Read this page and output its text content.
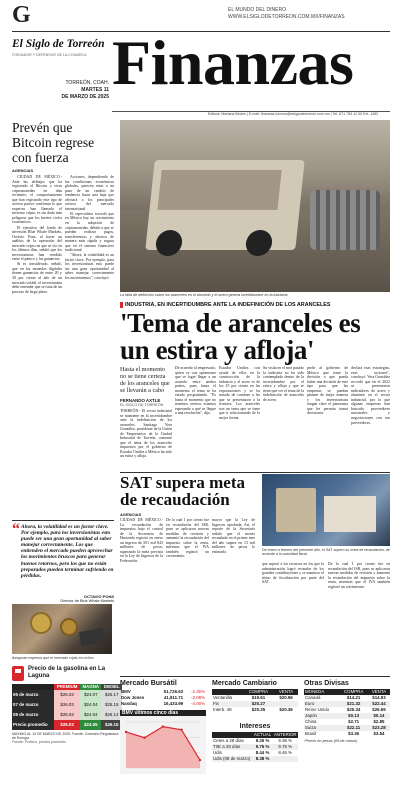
G	EL MUNDO DEL DINERO
WWW.ELSIGLODETORREON.COM.MX/FINANZAS
El Siglo de Torreón
FORJADOR Y DEFENSOR DE LA COMARCA
TORREÓN, COAH.
MARTES 11
DE MARZO DE 2025 Finanzas
Editora: Mariana Bedón | E-mail: finanzas-torreon@elsiglodetorreon.com.mx | Tel. 871 759 12 00 Ext. 1452
Prevén que Bitcoin regrese con fuerza
AGENCIAS

CIUDAD DE MÉXICO.- Ante las altibajos que ha registrado el Bitcoin y otras criptomonedas en días recientes, el comportamiento que han registrado este tipo de activos parece confirmar lo que expertos han llamado el invierno cripto, es sin duda más peligroso que los fuertes ciclos económicos.

El ejecutivo del fondo de inversión Blue Whale Markets, Octavio Pons, al hacer un análisis de la operación del mercado cripto en que se vio en los últimos días, señaló que los inversionistas han vendido entre el pánico y las ganancias.

Si es considerado, señaló, que en las monedas digitales tienen ganancias de entre 20 y 30 por ciento al año de un mercado volátil, el inversionista debe entender que se trata de un proceso de largo plazo.

Acciones, dependiendo de las condiciones económicas globales, parecen estar a un paso de un cambio de tendencia hacia una baja que afectará a los principales activos del mercado internacional.

El especialista recordó que en México hay un crecimiento en la adopción de criptomonedas, debido a que se pueden realizar pagos, transferencias y ahorros de manera más rápida y segura que en el sistema financiero tradicional.

"Ahora, la volatilidad es un factor clave. Por ejemplo, para los inversionistas esto puede ser una gran oportunidad al saber manejar correctamente los movimientos", concluyó.

“ Ahora, la volatilidad es un factor clave. Por ejemplo, para los inversionistas esto puede ser una gran oportunidad al saber manejar correctamente. Los que entienden el mercado pueden aprovechar los movimientos bruscos para generar buenos retornos, pero los que no están preparados pueden terminar sufriendo en pérdidas.
OCTAVIO PONS
Director de Blue Whale Markets
Aseguran expertos que el mercado cripto es cíclico.
Precio de la gasolina en La Laguna
	PREMIUM	MAGNA	DIESEL
06 de marzo	$26.03	$24.07	$26.17
07 de marzo	$26.03	$24.04	$26.15
08 de marzo	$26.03	$24.04	$26.14
Precio promedio	$26.03	$24.05	$26.15
MÁXIMO AL 10 DE MARZO DE 2025. Fuente: Comisión Reguladora de Energía
Fuente: Profeco, precios promedio
La falta de definición sobre los aranceles en el aluminio y el acero genera incertidumbre en la industria.
INDUSTRIA, EN INCERTIDUMBRE ANTE LA INDEFINICIÓN DE LOS ARANCELES
'Tema de aranceles es un estira y afloja'
Hasta el momento no se tiene certeza de los aranceles que se llevarán a cabo
FERNANDO AXTLE
EL SIGLO DE TORREÓN
TORREÓN.- El sector industrial se mantiene en la incertidumbre ante la indefinición de los aranceles. Santiago Vera González, presidente de la Unión de Empresarios de la Ciudad Industrial de Torreón, comentó que el tema de los aranceles impuestos por el gobierno de Estados Unidos a México ha sido un estira y afloja.
De acuerdo al empresario, quien ve con optimismo que se logre llegar a un acuerdo entre ambos países, pues hasta el momento el tema se ha estado posponiendo. "Es hasta el momento que no tenemos certeza, estamos esperando a qué se llegue a una resolución", dijo.
Estados Unidos con ayuda de ellos en la construcción de la industria y el acero es de los 25 por ciento en las exportaciones y se ha tratado de contener a las que se presentaron a la frontera. Los aranceles son un tema que se tiene que ir solucionando de la mejor forma.
Su visita en el mes pasado la industria no ha sido contemplada dentro de la incertidumbre por el estira y afloja y que se tiene que ver el tema de la indefinición de aranceles de acero.
pedir al gobierno de México que tome la decisión o que pueda haber una decisión de este tipo para que las empresas se puedan planear de mejor manera y los inversionistas tengan claro el panorama que les permita tomar decisiones.
declara esas estrategias, esas acciones", concluyó. Vera González recordó que en el 2022 se presentaron indicadores de acero y aluminio en el sector industrial, por lo que algunas empresas han buscado proveedores nacionales y negociaciones con sus proveedores.
SAT supera meta de recaudación
AGENCIAS
CIUDAD DE MÉXICO.- La recaudación de impuestos bajo el control de la Secretaría de Hacienda registró en enero un ingreso de 501 mil 843 millones de pesos, superando la meta prevista en la Ley de Ingresos de la Federación.
De la cual 1 por ciento fue en recaudación del ISR, pues se aplicaron nuevas medidas de revisión y aumentó la recaudación del impuesto sobre la renta, mientras que el IVA también registró un crecimiento.
mayor que la Ley de Ingresos aprobada. Así, el reporte de la Secretaría señala que el monto recaudado en el primer mes del año supera en 13 mil millones de pesos lo estimado.	De enero a febrero del presente año, el SAT superó su meta de recaudación, de acuerdo a la autoridad fiscal.
que superó a los recursos en los que la administración logró recaudar de los grandes contribuyentes y se mantuvo el ritmo de fiscalización por parte del SAT.
De la cual 1 por ciento fue en recaudación del ISR, pues se aplicaron nuevas medidas de revisión y aumentó la recaudación del impuesto sobre la renta, mientras que el IVA también registró un crecimiento.
Mercado Bursátil
BMV	51,726.63	-2.36%
Dow Jones	41,911.71	-2.08%
Nasdaq	16,433.99	-4.00%
BMV últimos cinco días
Mercado Cambiario
	COMPRA	VENTA
Ventanilla	$19.61	$20.56
Fix	$20.27	
Interb. 48	$20.35	$20.36
Intereses
	ACTUAL	ANTERIOR
Cetes a 28 días	9.25 %	9.36 %
TIIE a 28 días	9.75 %	9.75 %
Udis	8.44 %	8.46 %
Udis (08 de marzo)	8.38 %	
Otras Divisas
MONEDA	COMPRA	VENTA
Canadá	$14.21	$14.93
Euro	$21.32	$22.44
Reino Unido	$25.34	$26.69
Japón	$0.13	$0.14
China	$2.71	$2.85
Suiza	$22.11	$23.28
Brasil	$3.36	$3.54
*Precio en pesos (09 de marzo)
